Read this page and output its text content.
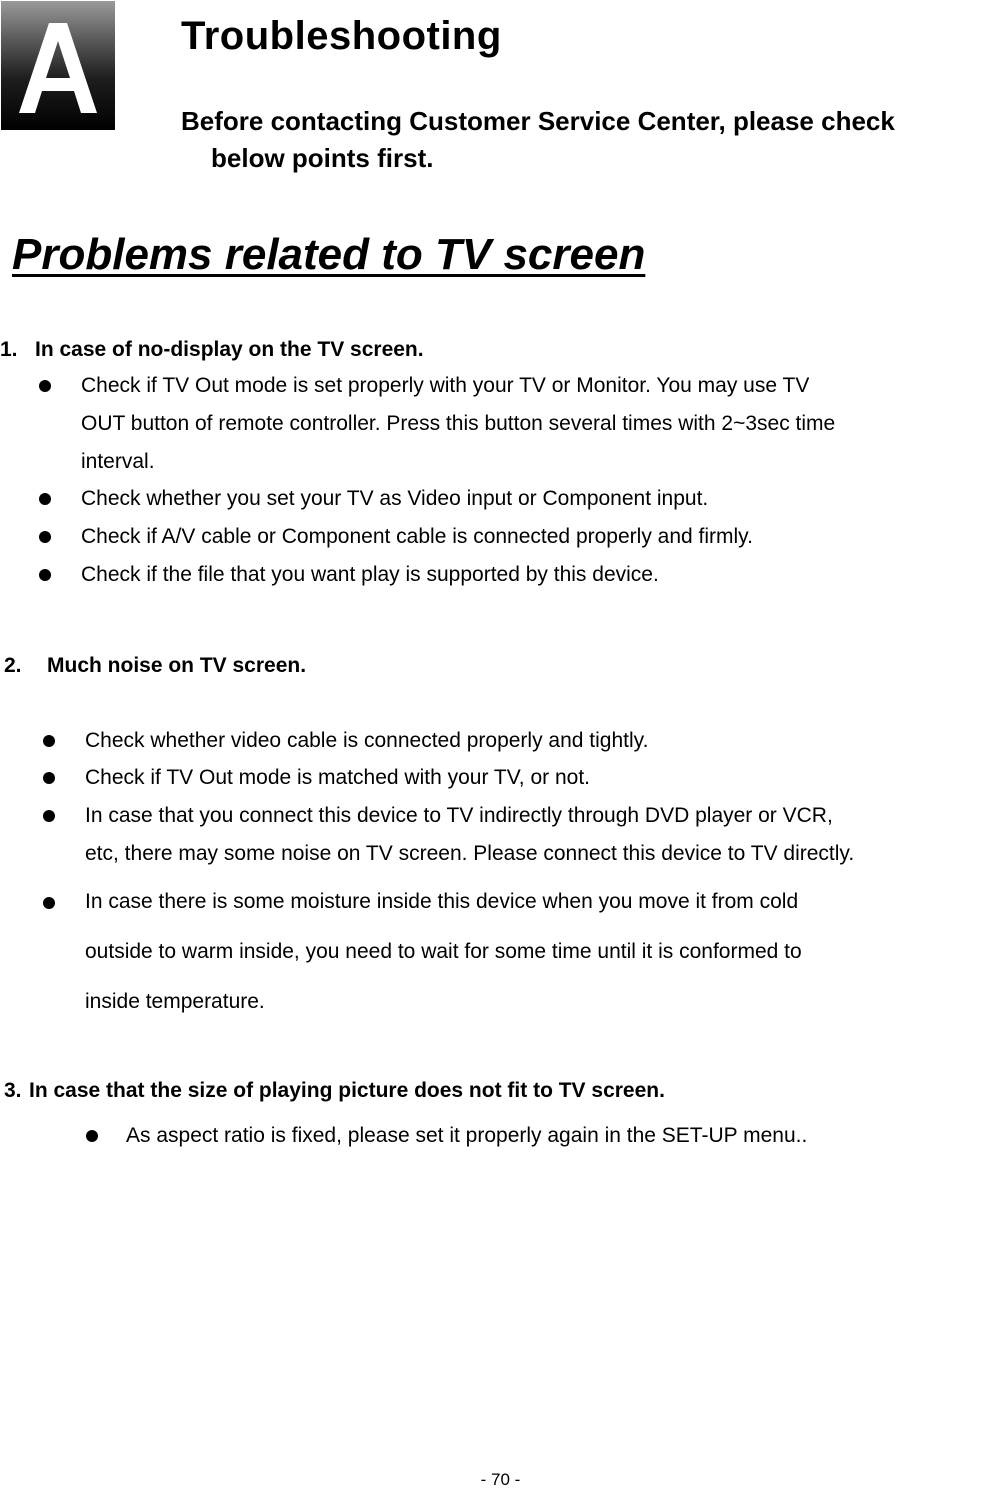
Troubleshooting
Before contacting Customer Service Center, please check
below points first.
Problems related to TV screen
1. In case of no-display on the TV screen.
Check if TV Out mode is set properly with your TV or Monitor. You may use TV
OUT button of remote controller. Press this button several times with 2~3sec time
interval.
Check whether you set your TV as Video input or Component input.
Check if A/V cable or Component cable is connected properly and firmly.
Check if the file that you want play is supported by this device.
2. Much noise on TV screen.
Check whether video cable is connected properly and tightly.
Check if TV Out mode is matched with your TV, or not.
In case that you connect this device to TV indirectly through DVD player or VCR,
etc, there may some noise on TV screen. Please connect this device to TV directly.
In case there is some moisture inside this device when you move it from cold
outside to warm inside, you need to wait for some time until it is conformed to
inside temperature.
3. In case that the size of playing picture does not fit to TV screen.
As aspect ratio is fixed, please set it properly again in the SET-UP menu..
- 70 -
